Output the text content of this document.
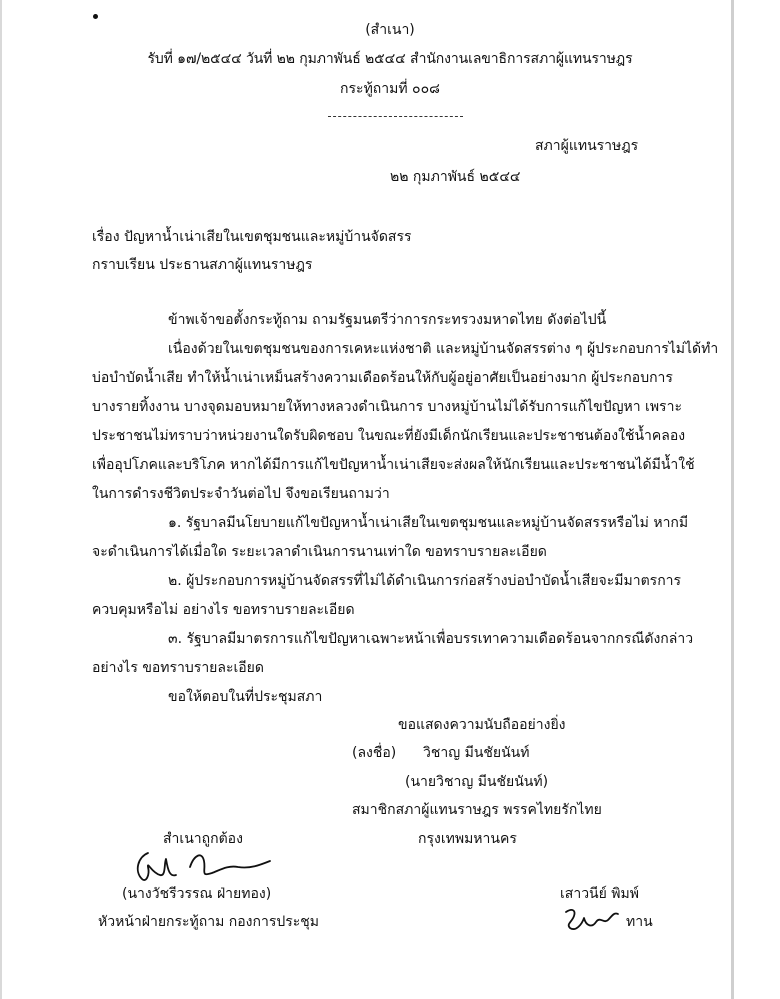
(สำเนา)
รับที่ ๑๗/๒๕๔๔ วันที่ ๒๒ กุมภาพันธ์ ๒๕๔๔ สำนักงานเลขาธิการสภาผู้แทนราษฎร
กระทู้ถามที่ ๐๐๘
สภาผู้แทนราษฎร
๒๒ กุมภาพันธ์ ๒๕๔๔
เรื่อง ปัญหาน้ำเน่าเสียในเขตชุมชนและหมู่บ้านจัดสรร
กราบเรียน ประธานสภาผู้แทนราษฎร
ข้าพเจ้าขอตั้งกระทู้ถาม ถามรัฐมนตรีว่าการกระทรวงมหาดไทย ดังต่อไปนี้
เนื่องด้วยในเขตชุมชนของการเคหะแห่งชาติ และหมู่บ้านจัดสรรต่าง ๆ ผู้ประกอบการไม่ได้ทำ
บ่อบำบัดน้ำเสีย ทำให้น้ำเน่าเหม็นสร้างความเดือดร้อนให้กับผู้อยู่อาศัยเป็นอย่างมาก ผู้ประกอบการ
บางรายทิ้งงาน บางจุดมอบหมายให้ทางหลวงดำเนินการ บางหมู่บ้านไม่ได้รับการแก้ไขปัญหา เพราะ
ประชาชนไม่ทราบว่าหน่วยงานใดรับผิดชอบ ในขณะที่ยังมีเด็กนักเรียนและประชาชนต้องใช้น้ำคลอง
เพื่ออุปโภคและบริโภค หากได้มีการแก้ไขปัญหาน้ำเน่าเสียจะส่งผลให้นักเรียนและประชาชนได้มีน้ำใช้
ในการดำรงชีวิตประจำวันต่อไป จึงขอเรียนถามว่า
๑. รัฐบาลมีนโยบายแก้ไขปัญหาน้ำเน่าเสียในเขตชุมชนและหมู่บ้านจัดสรรหรือไม่ หากมี
จะดำเนินการได้เมื่อใด ระยะเวลาดำเนินการนานเท่าใด ขอทราบรายละเอียด
๒. ผู้ประกอบการหมู่บ้านจัดสรรที่ไม่ได้ดำเนินการก่อสร้างบ่อบำบัดน้ำเสียจะมีมาตรการ
ควบคุมหรือไม่ อย่างไร ขอทราบรายละเอียด
๓. รัฐบาลมีมาตรการแก้ไขปัญหาเฉพาะหน้าเพื่อบรรเทาความเดือดร้อนจากกรณีดังกล่าว
อย่างไร ขอทราบรายละเอียด
ขอให้ตอบในที่ประชุมสภา
ขอแสดงความนับถืออย่างยิ่ง
(ลงชื่อ) วิชาญ มีนชัยนันท์
(นายวิชาญ มีนชัยนันท์)
สมาชิกสภาผู้แทนราษฎร พรรคไทยรักไทย
กรุงเทพมหานคร
สำเนาถูกต้อง
(นางวัชรีวรรณ ฝ่ายทอง)
หัวหน้าฝ่ายกระทู้ถาม กองการประชุม
เสาวนีย์ พิมพ์
ทาน
